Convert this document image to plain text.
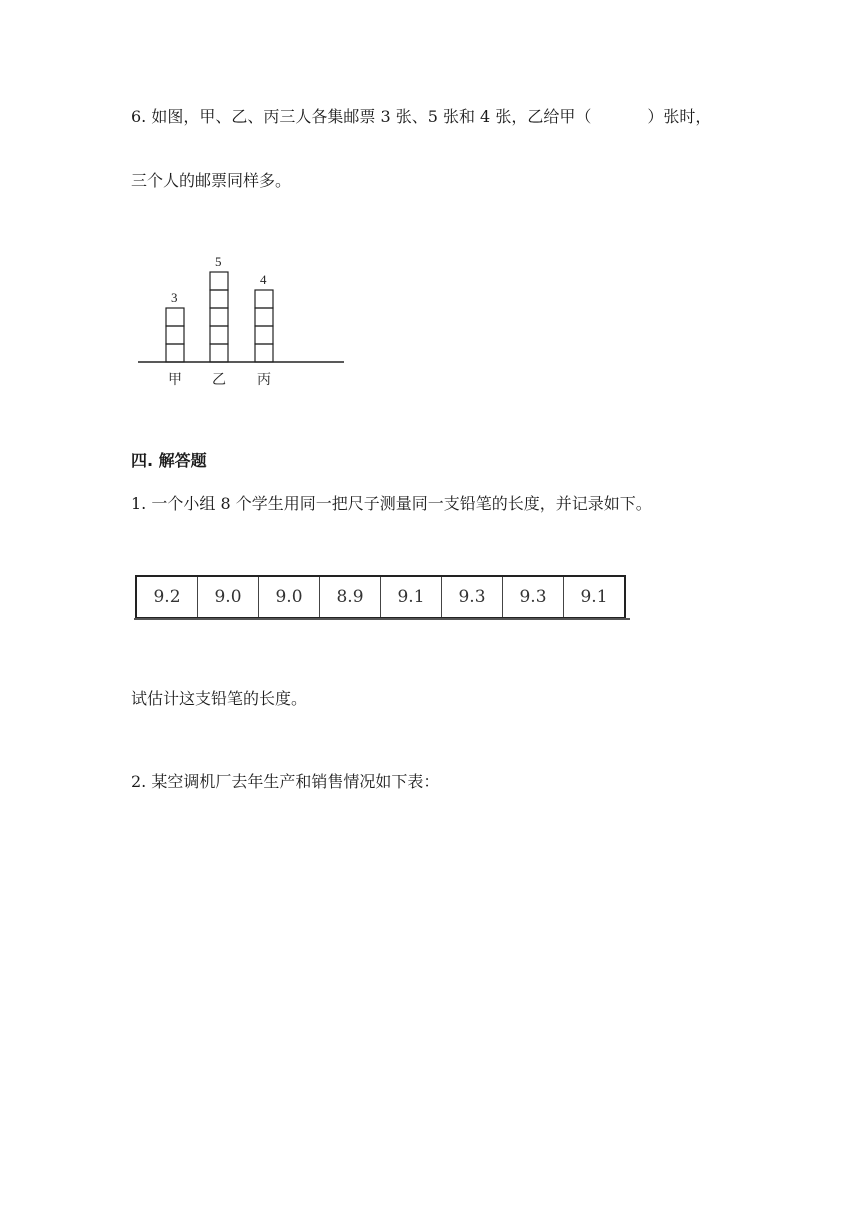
6. 如图，甲、乙、丙三人各集邮票 3 张、5 张和 4 张，乙给甲（	）张时，
三个人的邮票同样多。
3
甲
5
乙
4
丙
四. 解答题
1. 一个小组 8 个学生用同一把尺子测量同一支铅笔的长度，并记录如下。
9.2	9.0	9.0	8.9	9.1	9.3	9.3	9.1
试估计这支铅笔的长度。
2. 某空调机厂去年生产和销售情况如下表：
